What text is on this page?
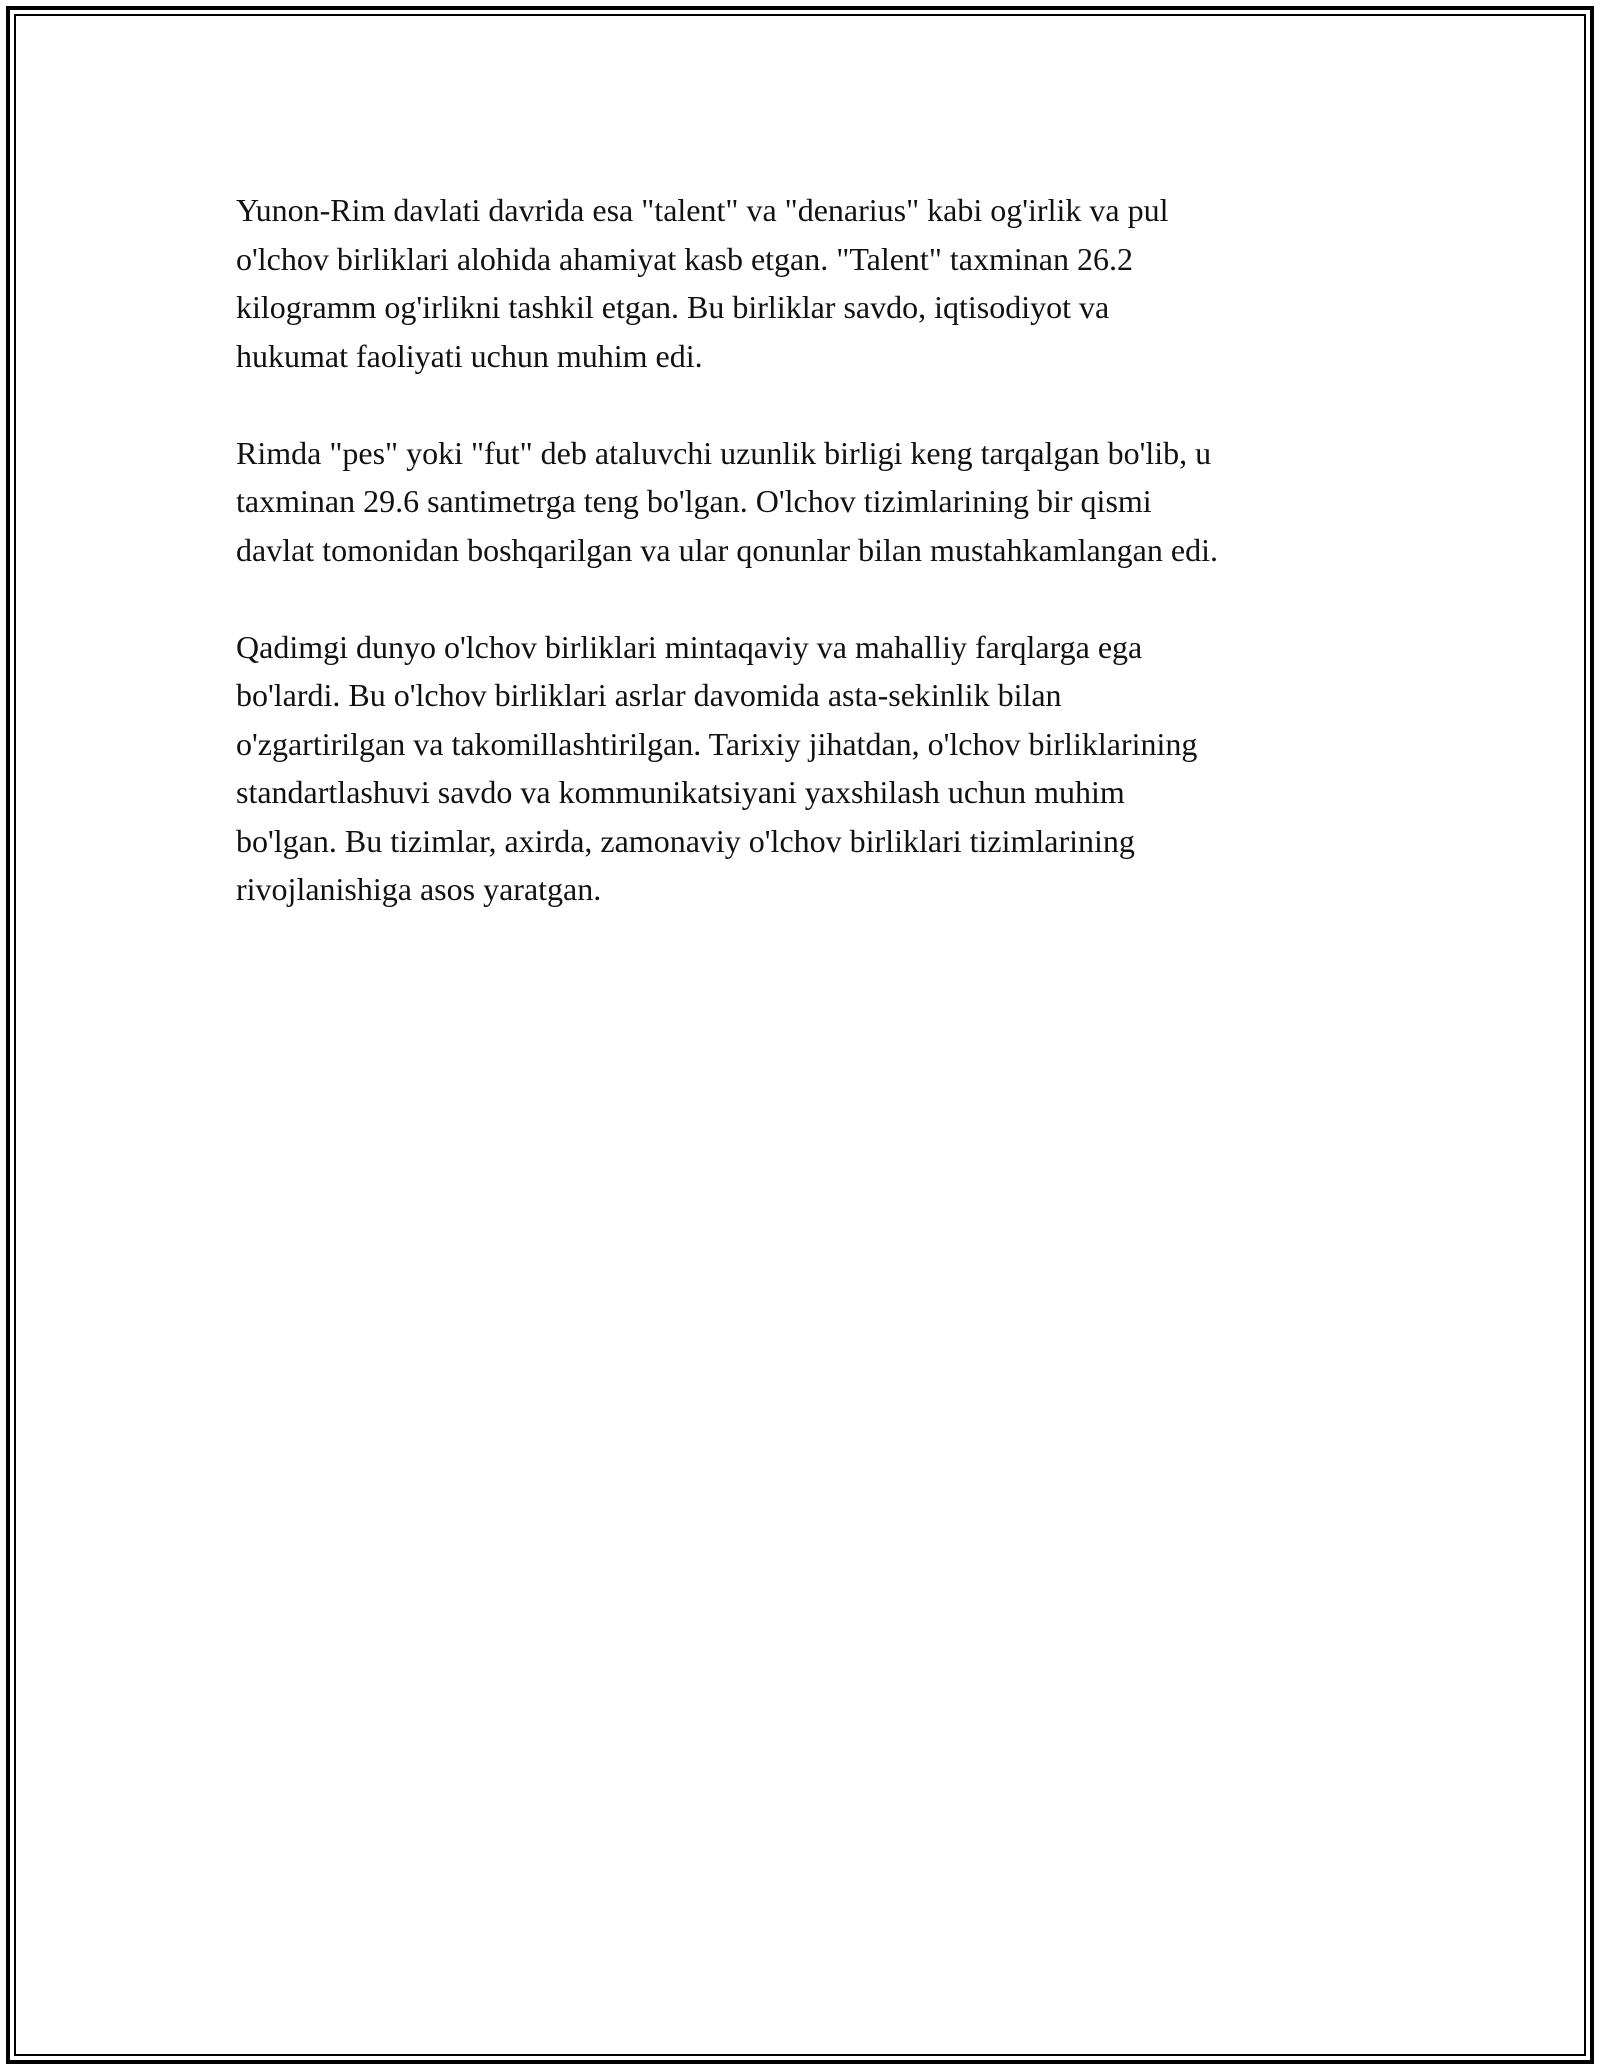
Yunon-Rim davlati davrida esa "talent" va "denarius" kabi og'irlik va pul
o'lchov birliklari alohida ahamiyat kasb etgan. "Talent" taxminan 26.2
kilogramm og'irlikni tashkil etgan. Bu birliklar savdo, iqtisodiyot va
hukumat faoliyati uchun muhim edi.

Rimda "pes" yoki "fut" deb ataluvchi uzunlik birligi keng tarqalgan bo'lib, u
taxminan 29.6 santimetrga teng bo'lgan. O'lchov tizimlarining bir qismi
davlat tomonidan boshqarilgan va ular qonunlar bilan mustahkamlangan edi.

Qadimgi dunyo o'lchov birliklari mintaqaviy va mahalliy farqlarga ega
bo'lardi. Bu o'lchov birliklari asrlar davomida asta-sekinlik bilan
o'zgartirilgan va takomillashtirilgan. Tarixiy jihatdan, o'lchov birliklarining
standartlashuvi savdo va kommunikatsiyani yaxshilash uchun muhim
bo'lgan. Bu tizimlar, axirda, zamonaviy o'lchov birliklari tizimlarining
rivojlanishiga asos yaratgan.
